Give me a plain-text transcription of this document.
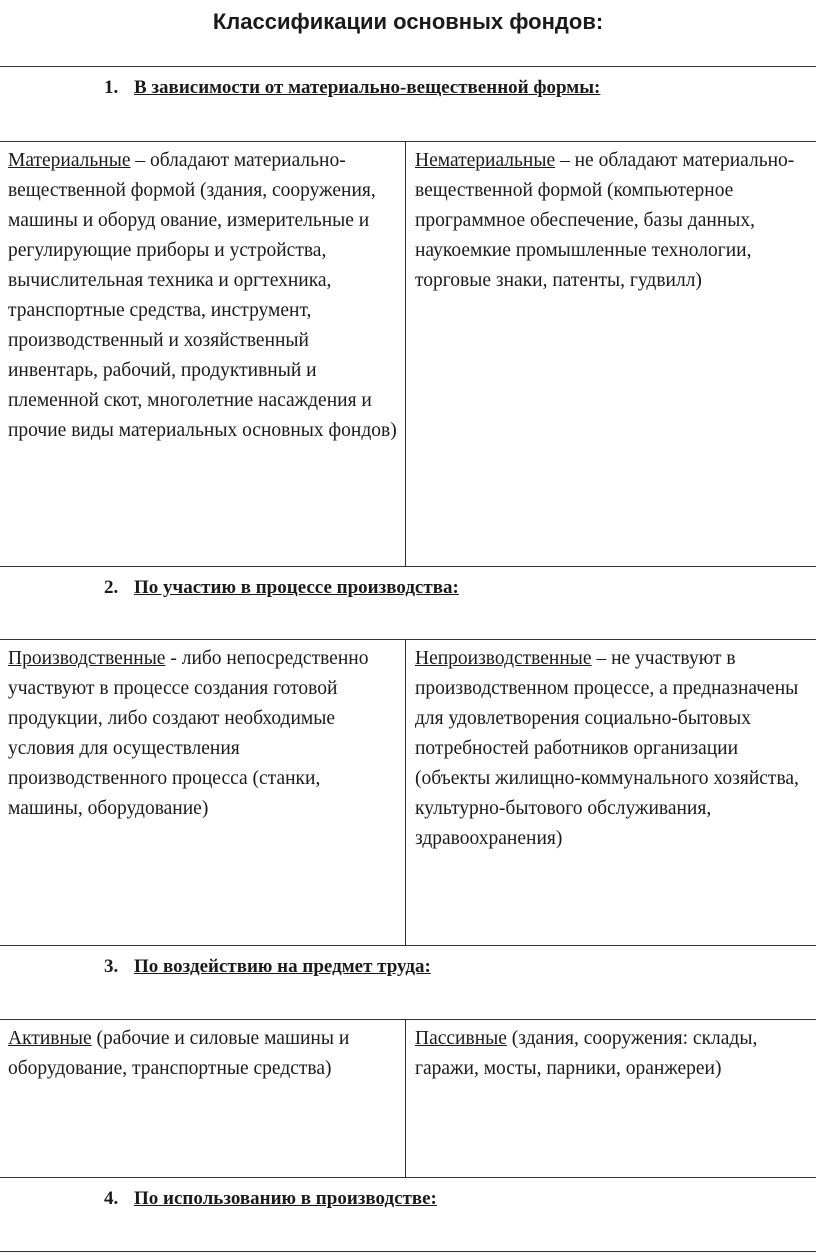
Классификации основных фондов:
1. В зависимости от материально-вещественной формы:
Материальные – обладают материально-вещественной формой (здания, сооружения, машины и оборуд ование, измерительные и регулирующие приборы и устройства, вычислительная техника и оргтехника, транспортные средства, инструмент, производственный и хозяйственный инвентарь, рабочий, продуктивный и племенной скот, многолетние насаждения и прочие виды материальных основных фондов)
Нематериальные – не обладают материально-вещественной формой (компьютерное программное обеспечение, базы данных, наукоемкие промышленные технологии, торговые знаки, патенты, гудвилл)
2. По участию в процессе производства:
Производственные - либо непосредственно участвуют в процессе создания готовой продукции, либо создают необходимые условия для осуществления производственного процесса (станки, машины, оборудование)
Непроизводственные – не участвуют в производственном процессе, а предназначены для удовлетворения социально-бытовых потребностей работников организации (объекты жилищно-коммунального хозяйства, культурно-бытового обслуживания, здравоохранения)
3. По воздействию на предмет труда:
Активные (рабочие и силовые машины и оборудование, транспортные средства)
Пассивные (здания, сооружения: склады, гаражи, мосты, парники, оранжереи)
4. По использованию в производстве:
